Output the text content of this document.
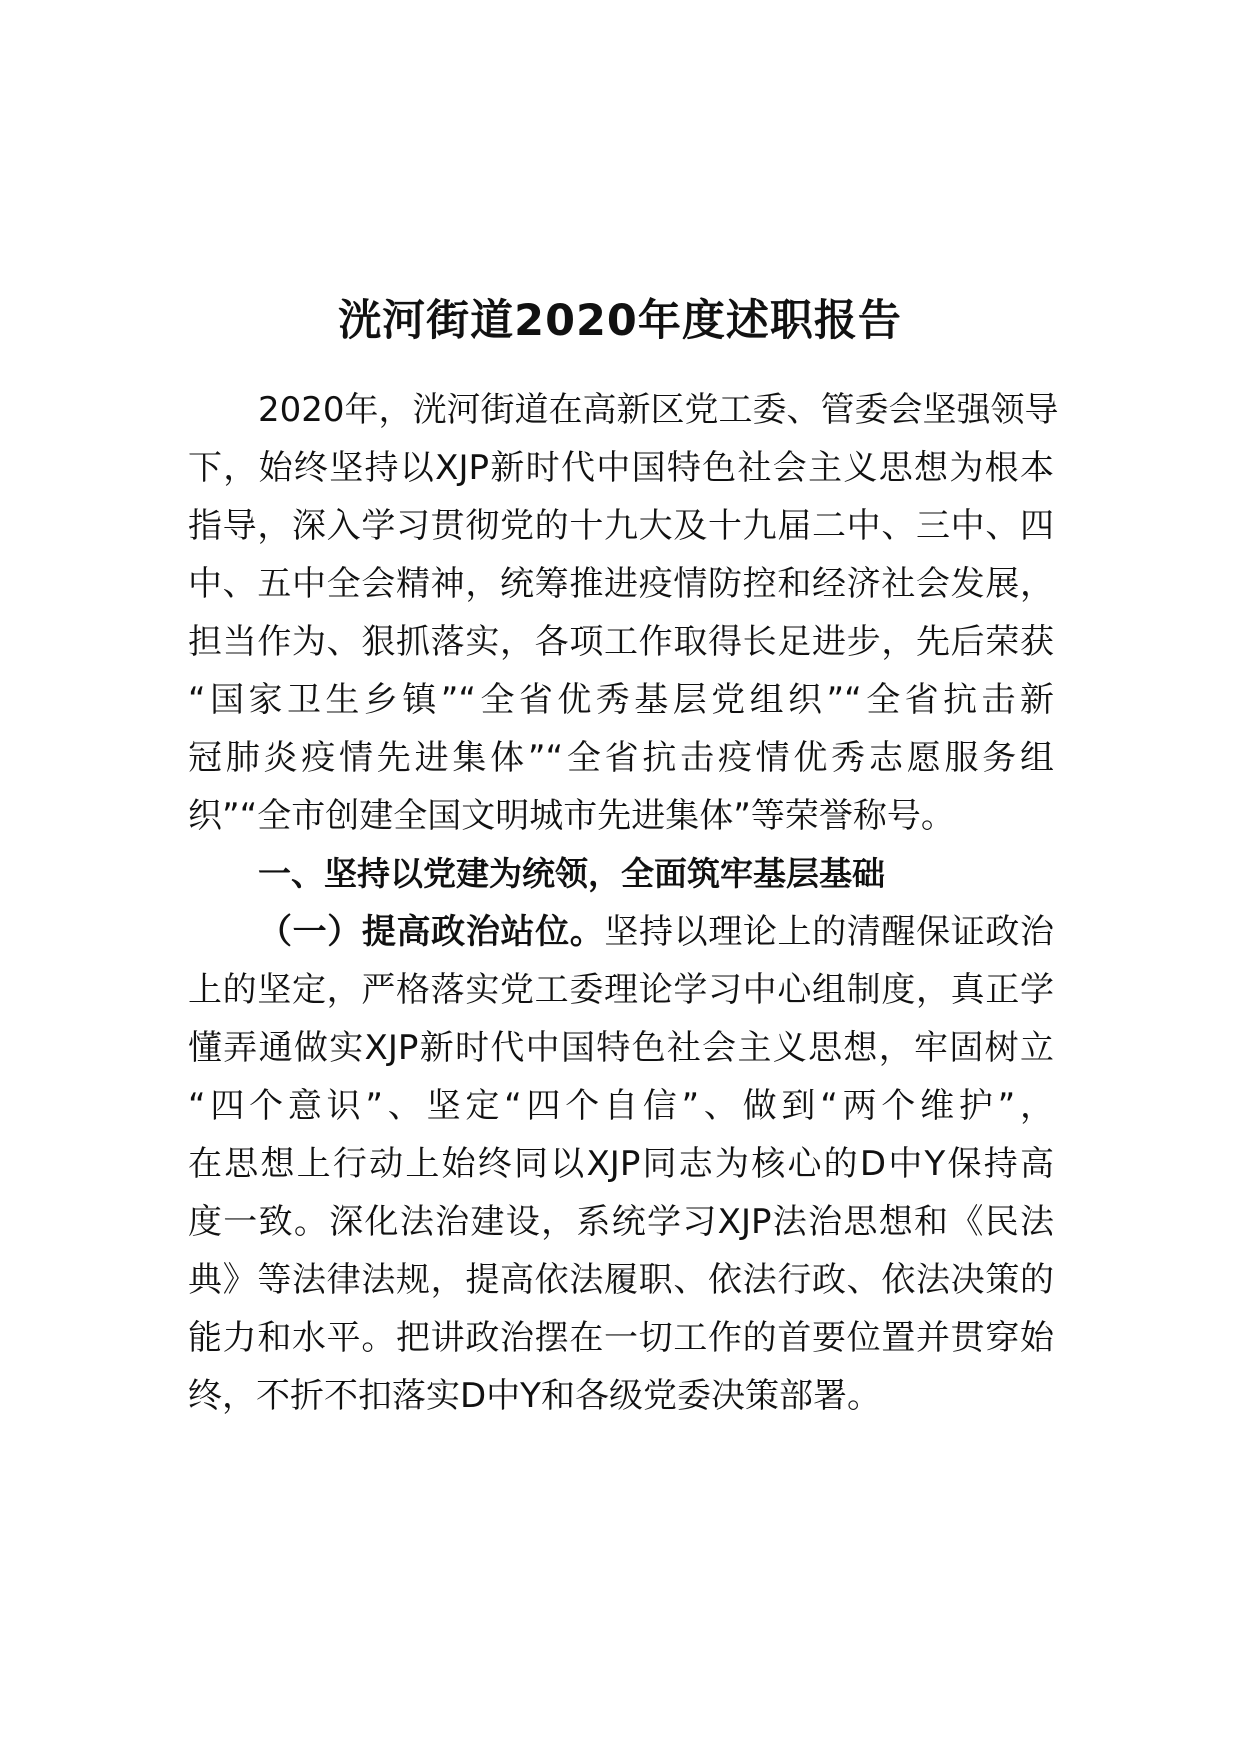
洸河街道2020年度述职报告
2020年，洸河街道在高新区党工委、管委会坚强领导
下，始终坚持以XJP新时代中国特色社会主义思想为根本
指导，深入学习贯彻党的十九大及十九届二中、三中、四
中、五中全会精神，统筹推进疫情防控和经济社会发展，
担当作为、狠抓落实，各项工作取得长足进步，先后荣获
“国家卫生乡镇”“全省优秀基层党组织”“全省抗击新
冠肺炎疫情先进集体”“全省抗击疫情优秀志愿服务组
织”“全市创建全国文明城市先进集体”等荣誉称号。
一、坚持以党建为统领，全面筑牢基层基础
（一）提高政治站位。坚持以理论上的清醒保证政治
上的坚定，严格落实党工委理论学习中心组制度，真正学
懂弄通做实XJP新时代中国特色社会主义思想，牢固树立
“四个意识”、坚定“四个自信”、做到“两个维护”，
在思想上行动上始终同以XJP同志为核心的D中Y保持高
度一致。深化法治建设，系统学习XJP法治思想和《民法
典》等法律法规，提高依法履职、依法行政、依法决策的
能力和水平。把讲政治摆在一切工作的首要位置并贯穿始
终，不折不扣落实D中Y和各级党委决策部署。
